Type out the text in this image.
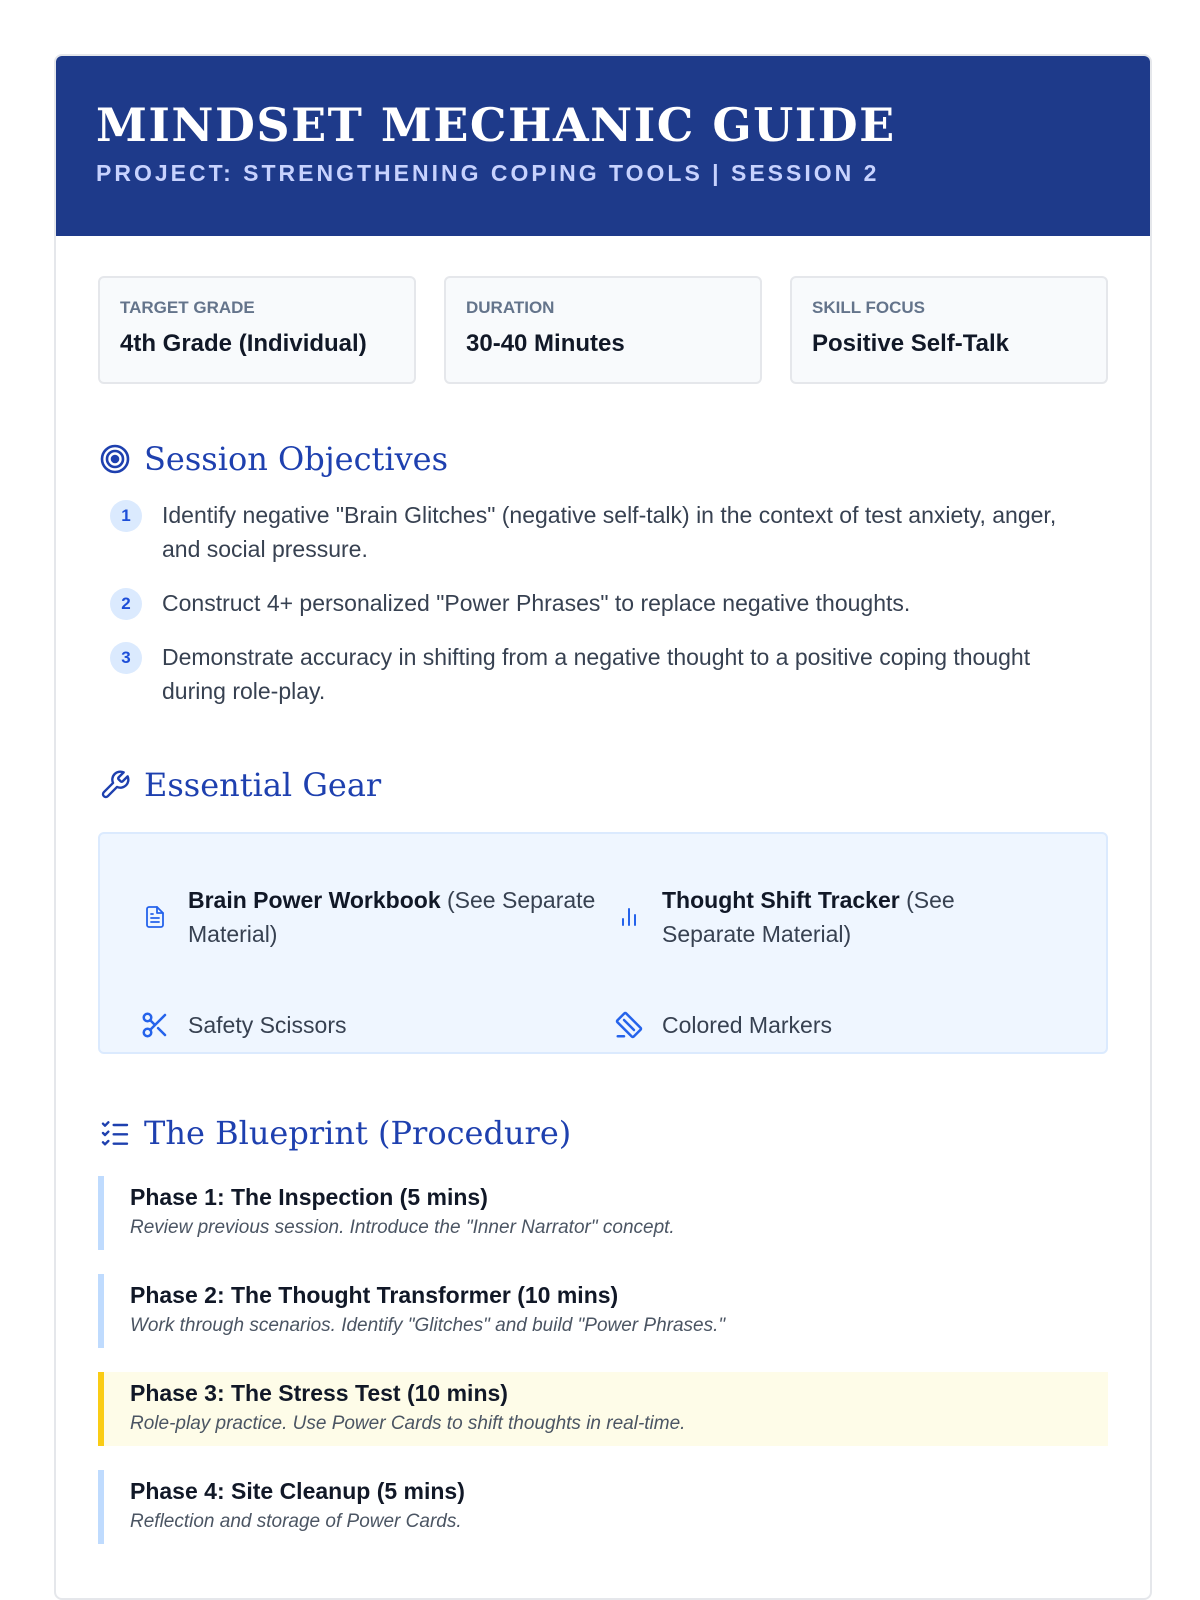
MINDSET MECHANIC GUIDE
PROJECT: STRENGTHENING COPING TOOLS | SESSION 2
TARGET GRADE
4th Grade (Individual)
DURATION
30-40 Minutes
SKILL FOCUS
Positive Self-Talk
Session Objectives
1	Identify negative "Brain Glitches" (negative self-talk) in the context of test anxiety, anger, and social pressure.
2	Construct 4+ personalized "Power Phrases" to replace negative thoughts.
3	Demonstrate accuracy in shifting from a negative thought to a positive coping thought during role-play.
Essential Gear
Brain Power Workbook (See Separate Material)
Thought Shift Tracker (See Separate Material)
Safety Scissors	Colored Markers
The Blueprint (Procedure)
Phase 1: The Inspection (5 mins)
Review previous session. Introduce the "Inner Narrator" concept.
Phase 2: The Thought Transformer (10 mins)
Work through scenarios. Identify "Glitches" and build "Power Phrases."
Phase 3: The Stress Test (10 mins)
Role-play practice. Use Power Cards to shift thoughts in real-time.
Phase 4: Site Cleanup (5 mins)
Reflection and storage of Power Cards.
